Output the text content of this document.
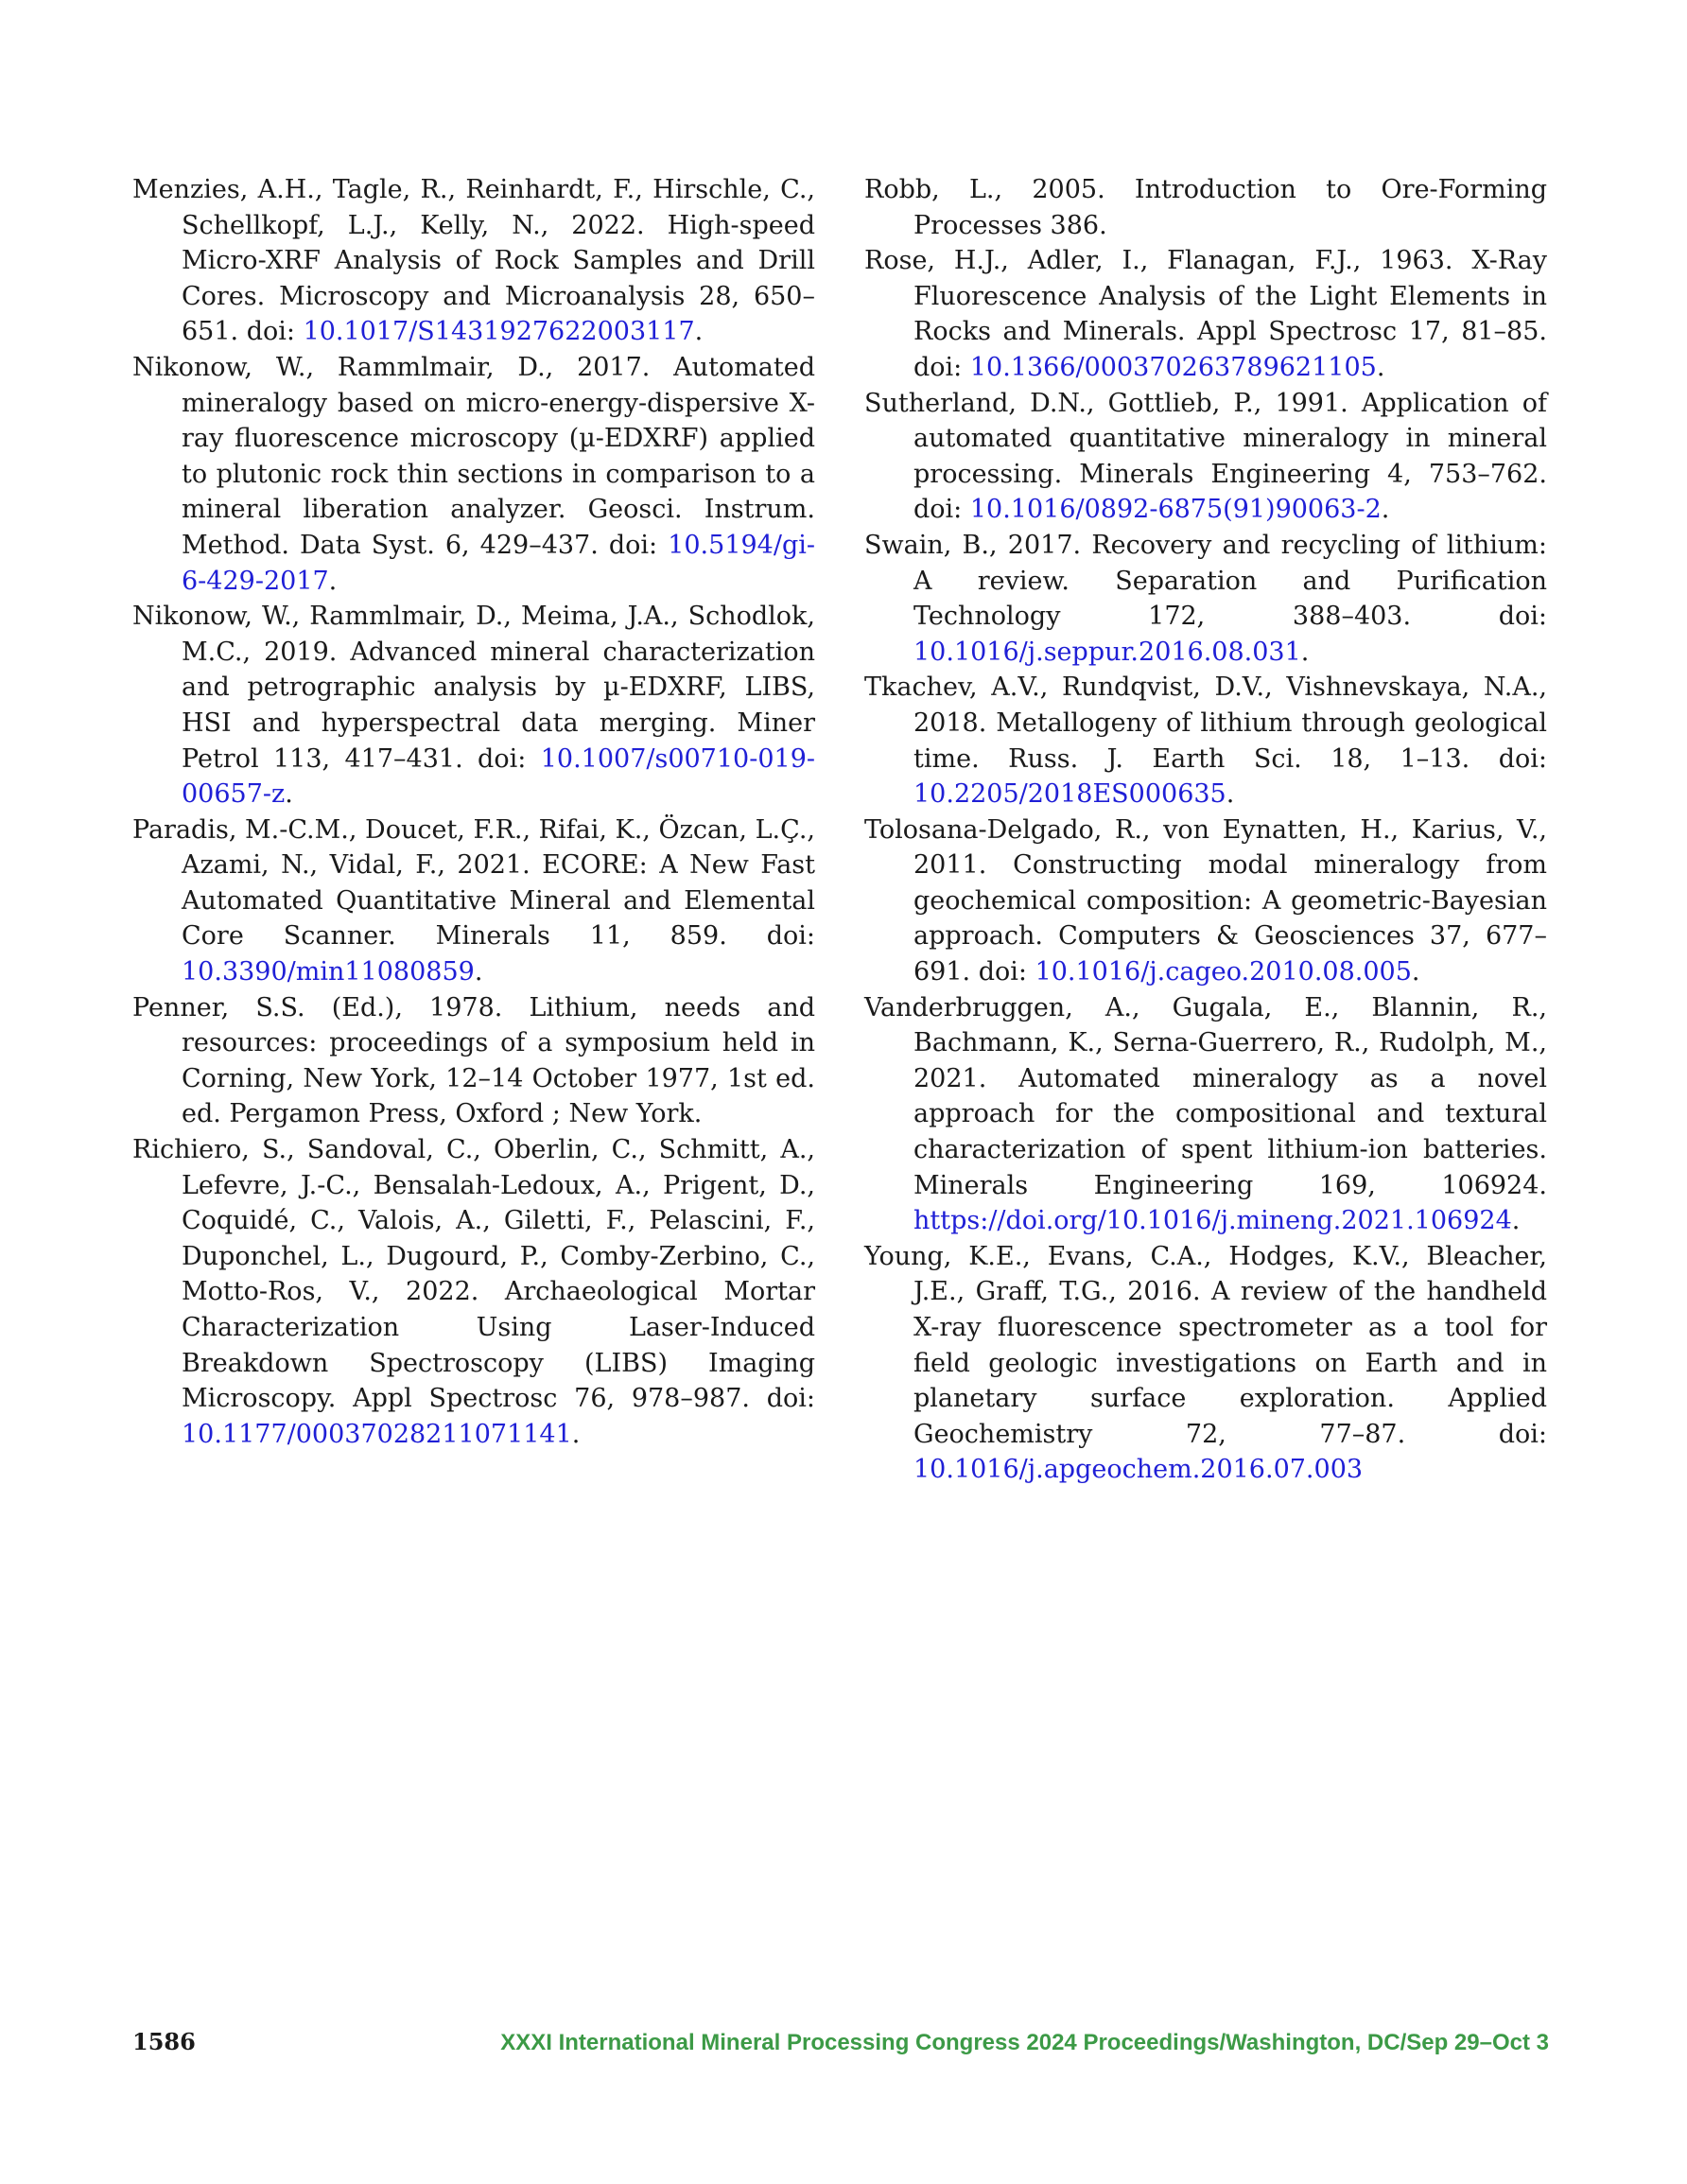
Menzies, A.H., Tagle, R., Reinhardt, F., Hirschle, C., Schellkopf, L.J., Kelly, N., 2022. High-speed Micro-XRF Analysis of Rock Samples and Drill Cores. Microscopy and Microanalysis 28, 650–651. doi: 10.1017/S1431927622003117.

Nikonow, W., Rammlmair, D., 2017. Automated mineralogy based on micro-energy-dispersive X-ray fluorescence microscopy (µ-EDXRF) applied to plutonic rock thin sections in comparison to a mineral liberation analyzer. Geosci. Instrum. Method. Data Syst. 6, 429–437. doi: 10.5194/gi-6-429-2017.

Nikonow, W., Rammlmair, D., Meima, J.A., Schodlok, M.C., 2019. Advanced mineral characterization and petrographic analysis by µ-EDXRF, LIBS, HSI and hyperspectral data merging. Miner Petrol 113, 417–431. doi: 10.1007/s00710-019-00657-z.

Paradis, M.-C.M., Doucet, F.R., Rifai, K., Özcan, L.Ç., Azami, N., Vidal, F., 2021. ECORE: A New Fast Automated Quantitative Mineral and Elemental Core Scanner. Minerals 11, 859. doi: 10.3390/min11080859.

Penner, S.S. (Ed.), 1978. Lithium, needs and resources: proceedings of a symposium held in Corning, New York, 12–14 October 1977, 1st ed. ed. Pergamon Press, Oxford ; New York.

Richiero, S., Sandoval, C., Oberlin, C., Schmitt, A., Lefevre, J.-C., Bensalah-Ledoux, A., Prigent, D., Coquidé, C., Valois, A., Giletti, F., Pelascini, F., Duponchel, L., Dugourd, P., Comby-Zerbino, C., Motto-Ros, V., 2022. Archaeological Mortar Characterization Using Laser-Induced Breakdown Spectroscopy (LIBS) Imaging Microscopy. Appl Spectrosc 76, 978–987. doi: 10.1177/00037028211071141.

Robb, L., 2005. Introduction to Ore-Forming Processes 386.

Rose, H.J., Adler, I., Flanagan, F.J., 1963. X-Ray Fluorescence Analysis of the Light Elements in Rocks and Minerals. Appl Spectrosc 17, 81–85. doi: 10.1366/000370263789621105.

Sutherland, D.N., Gottlieb, P., 1991. Application of automated quantitative mineralogy in mineral processing. Minerals Engineering 4, 753–762. doi: 10.1016/0892-6875(91)90063-2.

Swain, B., 2017. Recovery and recycling of lithium: A review. Separation and Purification Technology 172, 388–403. doi: 10.1016/j.seppur.2016.08.031.

Tkachev, A.V., Rundqvist, D.V., Vishnevskaya, N.A., 2018. Metallogeny of lithium through geological time. Russ. J. Earth Sci. 18, 1–13. doi: 10.2205/2018ES000635.

Tolosana-Delgado, R., von Eynatten, H., Karius, V., 2011. Constructing modal mineralogy from geochemical composition: A geometric-Bayesian approach. Computers & Geosciences 37, 677–691. doi: 10.1016/j.cageo.2010.08.005.

Vanderbruggen, A., Gugala, E., Blannin, R., Bachmann, K., Serna-Guerrero, R., Rudolph, M., 2021. Automated mineralogy as a novel approach for the compositional and textural characterization of spent lithium-ion batteries. Minerals Engineering 169, 106924. https://doi.org/10.1016/j.mineng.2021.106924.

Young, K.E., Evans, C.A., Hodges, K.V., Bleacher, J.E., Graff, T.G., 2016. A review of the handheld X-ray fluorescence spectrometer as a tool for field geologic investigations on Earth and in planetary surface exploration. Applied Geochemistry 72, 77–87. doi: 10.1016/j.apgeochem.2016.07.003

1586	XXXI International Mineral Processing Congress 2024 Proceedings/Washington, DC/Sep 29–Oct 3
